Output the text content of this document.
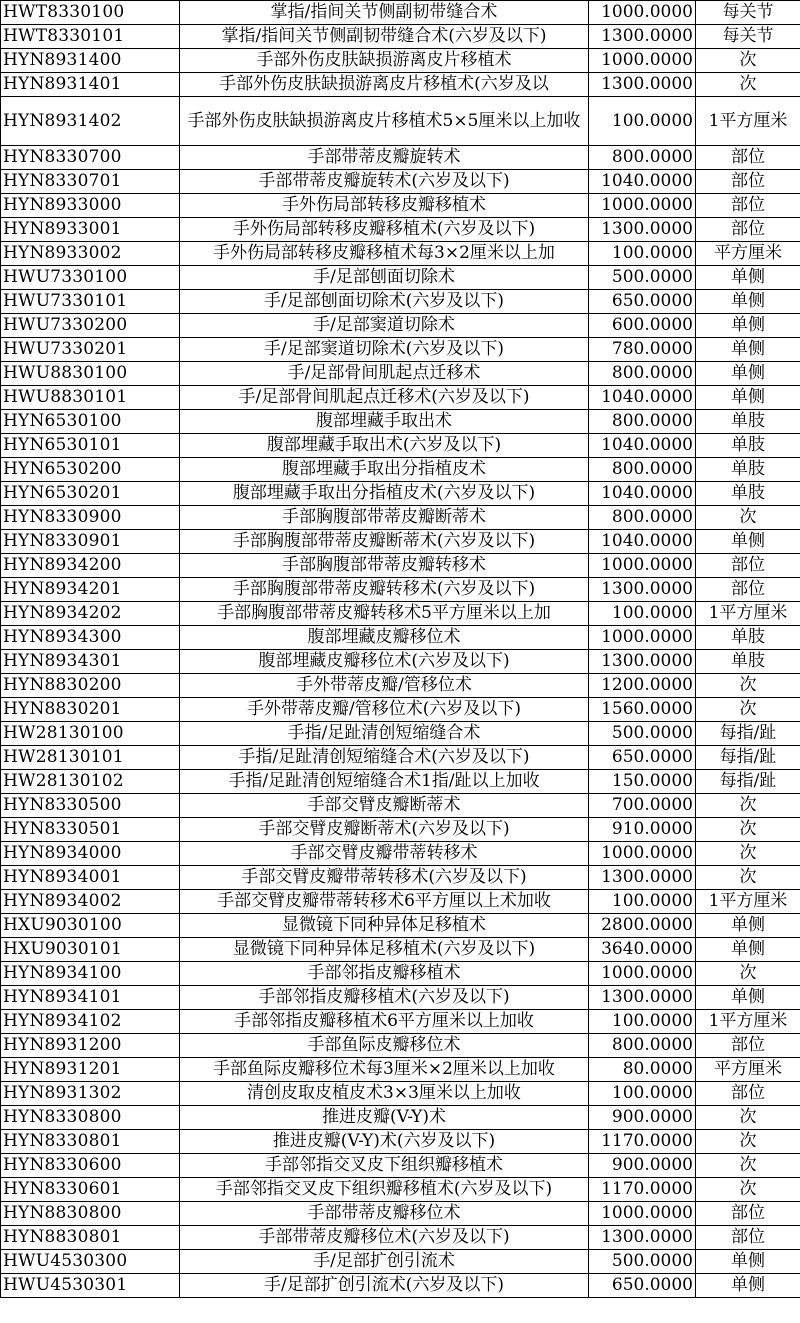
HWT8330100	掌指/指间关节侧副韧带缝合术	1000.0000	每关节
HWT8330101	掌指/指间关节侧副韧带缝合术(六岁及以下)	1300.0000	每关节
HYN8931400	手部外伤皮肤缺损游离皮片移植术	1000.0000	次
HYN8931401	手部外伤皮肤缺损游离皮片移植术(六岁及以	1300.0000	次
HYN8931402	手部外伤皮肤缺损游离皮片移植术5×5厘米以上加收	100.0000	1平方厘米
HYN8330700	手部带蒂皮瓣旋转术	800.0000	部位
HYN8330701	手部带蒂皮瓣旋转术(六岁及以下)	1040.0000	部位
HYN8933000	手外伤局部转移皮瓣移植术	1000.0000	部位
HYN8933001	手外伤局部转移皮瓣移植术(六岁及以下)	1300.0000	部位
HYN8933002	手外伤局部转移皮瓣移植术每3×2厘米以上加	100.0000	平方厘米
HWU7330100	手/足部刨面切除术	500.0000	单侧
HWU7330101	手/足部刨面切除术(六岁及以下)	650.0000	单侧
HWU7330200	手/足部窦道切除术	600.0000	单侧
HWU7330201	手/足部窦道切除术(六岁及以下)	780.0000	单侧
HWU8830100	手/足部骨间肌起点迁移术	800.0000	单侧
HWU8830101	手/足部骨间肌起点迁移术(六岁及以下)	1040.0000	单侧
HYN6530100	腹部埋藏手取出术	800.0000	单肢
HYN6530101	腹部埋藏手取出术(六岁及以下)	1040.0000	单肢
HYN6530200	腹部埋藏手取出分指植皮术	800.0000	单肢
HYN6530201	腹部埋藏手取出分指植皮术(六岁及以下)	1040.0000	单肢
HYN8330900	手部胸腹部带蒂皮瓣断蒂术	800.0000	次
HYN8330901	手部胸腹部带蒂皮瓣断蒂术(六岁及以下)	1040.0000	单侧
HYN8934200	手部胸腹部带蒂皮瓣转移术	1000.0000	部位
HYN8934201	手部胸腹部带蒂皮瓣转移术(六岁及以下)	1300.0000	部位
HYN8934202	手部胸腹部带蒂皮瓣转移术5平方厘米以上加	100.0000	1平方厘米
HYN8934300	腹部埋藏皮瓣移位术	1000.0000	单肢
HYN8934301	腹部埋藏皮瓣移位术(六岁及以下)	1300.0000	单肢
HYN8830200	手外带蒂皮瓣/管移位术	1200.0000	次
HYN8830201	手外带蒂皮瓣/管移位术(六岁及以下)	1560.0000	次
HW28130100	手指/足趾清创短缩缝合术	500.0000	每指/趾
HW28130101	手指/足趾清创短缩缝合术(六岁及以下)	650.0000	每指/趾
HW28130102	手指/足趾清创短缩缝合术1指/趾以上加收	150.0000	每指/趾
HYN8330500	手部交臂皮瓣断蒂术	700.0000	次
HYN8330501	手部交臂皮瓣断蒂术(六岁及以下)	910.0000	次
HYN8934000	手部交臂皮瓣带蒂转移术	1000.0000	次
HYN8934001	手部交臂皮瓣带蒂转移术(六岁及以下)	1300.0000	次
HYN8934002	手部交臂皮瓣带蒂转移术6平方厘以上术加收	100.0000	1平方厘米
HXU9030100	显微镜下同种异体足移植术	2800.0000	单侧
HXU9030101	显微镜下同种异体足移植术(六岁及以下)	3640.0000	单侧
HYN8934100	手部邻指皮瓣移植术	1000.0000	次
HYN8934101	手部邻指皮瓣移植术(六岁及以下)	1300.0000	单侧
HYN8934102	手部邻指皮瓣移植术6平方厘米以上加收	100.0000	1平方厘米
HYN8931200	手部鱼际皮瓣移位术	800.0000	部位
HYN8931201	手部鱼际皮瓣移位术每3厘米×2厘米以上加收	80.0000	平方厘米
HYN8931302	清创皮取皮植皮术3×3厘米以上加收	100.0000	部位
HYN8330800	推进皮瓣(V-Y)术	900.0000	次
HYN8330801	推进皮瓣(V-Y)术(六岁及以下)	1170.0000	次
HYN8330600	手部邻指交叉皮下组织瓣移植术	900.0000	次
HYN8330601	手部邻指交叉皮下组织瓣移植术(六岁及以下)	1170.0000	次
HYN8830800	手部带蒂皮瓣移位术	1000.0000	部位
HYN8830801	手部带蒂皮瓣移位术(六岁及以下)	1300.0000	部位
HWU4530300	手/足部扩创引流术	500.0000	单侧
HWU4530301	手/足部扩创引流术(六岁及以下)	650.0000	单侧
